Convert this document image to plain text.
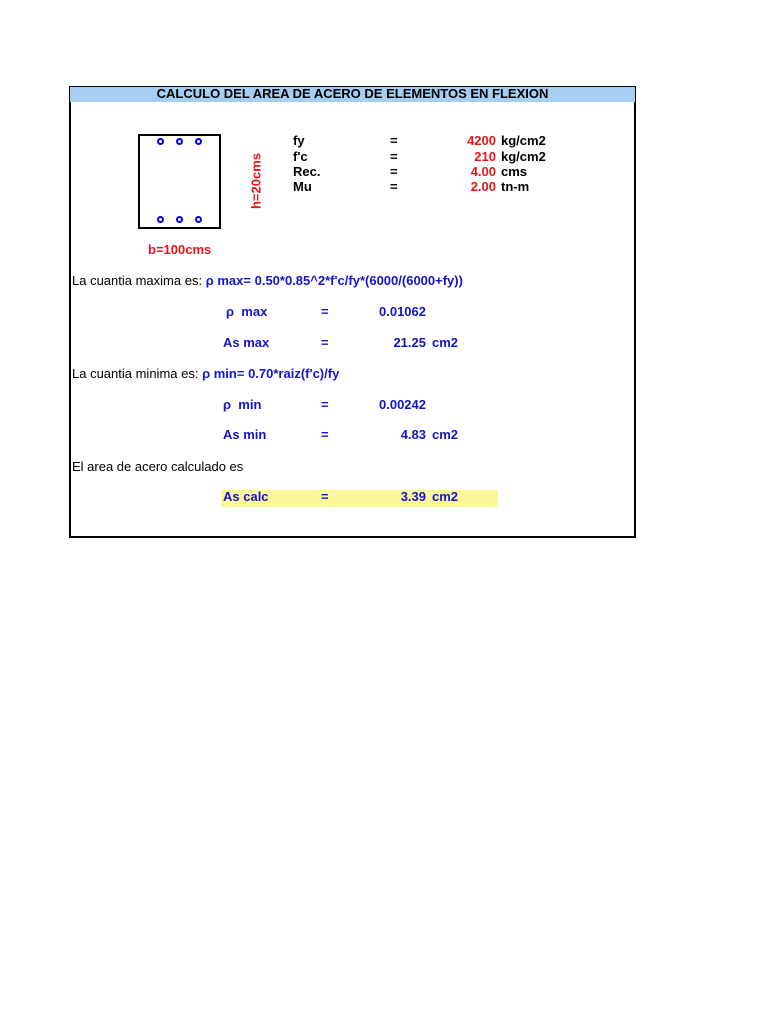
CALCULO DEL AREA DE ACERO DE ELEMENTOS EN FLEXION
h=20cms
b=100cms
fy	=	4200 kg/cm2
f'c	=	210 kg/cm2
Rec.	=	4.00 cms
Mu	=	2.00 tn-m
La cuantia maxima es: ρ max= 0.50*0.85^2*f'c/fy*(6000/(6000+fy))
ρ max	=	0.01062
As max	=	21.25 cm2
La cuantia minima es: ρ min= 0.70*raiz(f'c)/fy
ρ min	=	0.00242
As min	=	4.83 cm2
El area de acero calculado es
As calc	=	3.39 cm2
